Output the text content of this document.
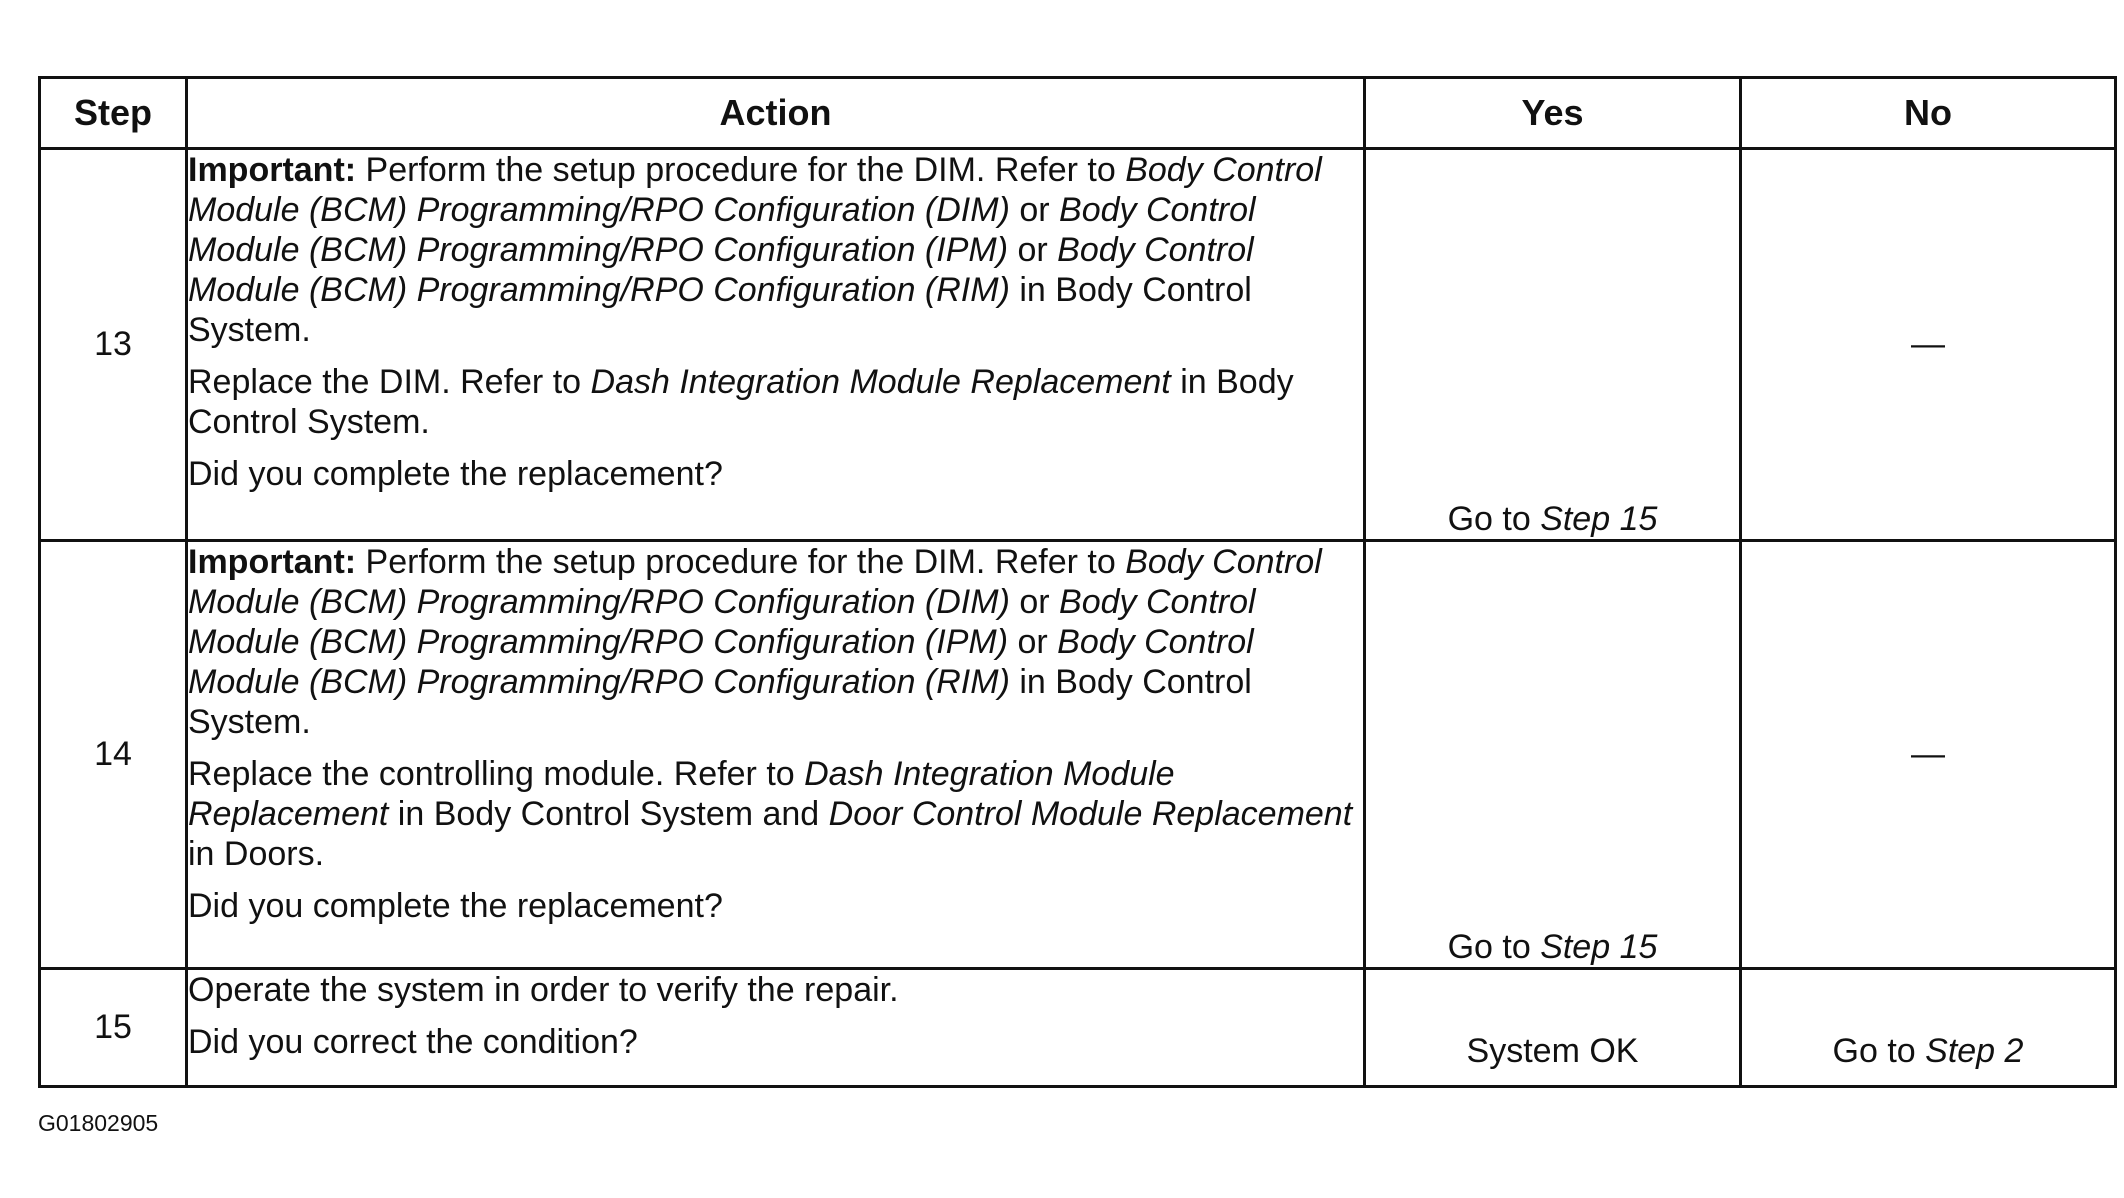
Step	Action	Yes	No
13	Important: Perform the setup procedure for the DIM. Refer to Body Control Module (BCM) Programming/RPO Configuration (DIM) or Body Control Module (BCM) Programming/RPO Configuration (IPM) or Body Control Module (BCM) Programming/RPO Configuration (RIM) in Body Control System.

Replace the DIM. Refer to Dash Integration Module Replacement in Body Control System.

Did you complete the replacement?	Go to Step 15	—
14	Important: Perform the setup procedure for the DIM. Refer to Body Control Module (BCM) Programming/RPO Configuration (DIM) or Body Control Module (BCM) Programming/RPO Configuration (IPM) or Body Control Module (BCM) Programming/RPO Configuration (RIM) in Body Control System.

Replace the controlling module. Refer to Dash Integration Module Replacement in Body Control System and Door Control Module Replacement in Doors.

Did you complete the replacement?	Go to Step 15	—
15	Operate the system in order to verify the repair.

Did you correct the condition?	System OK	Go to Step 2
G01802905
